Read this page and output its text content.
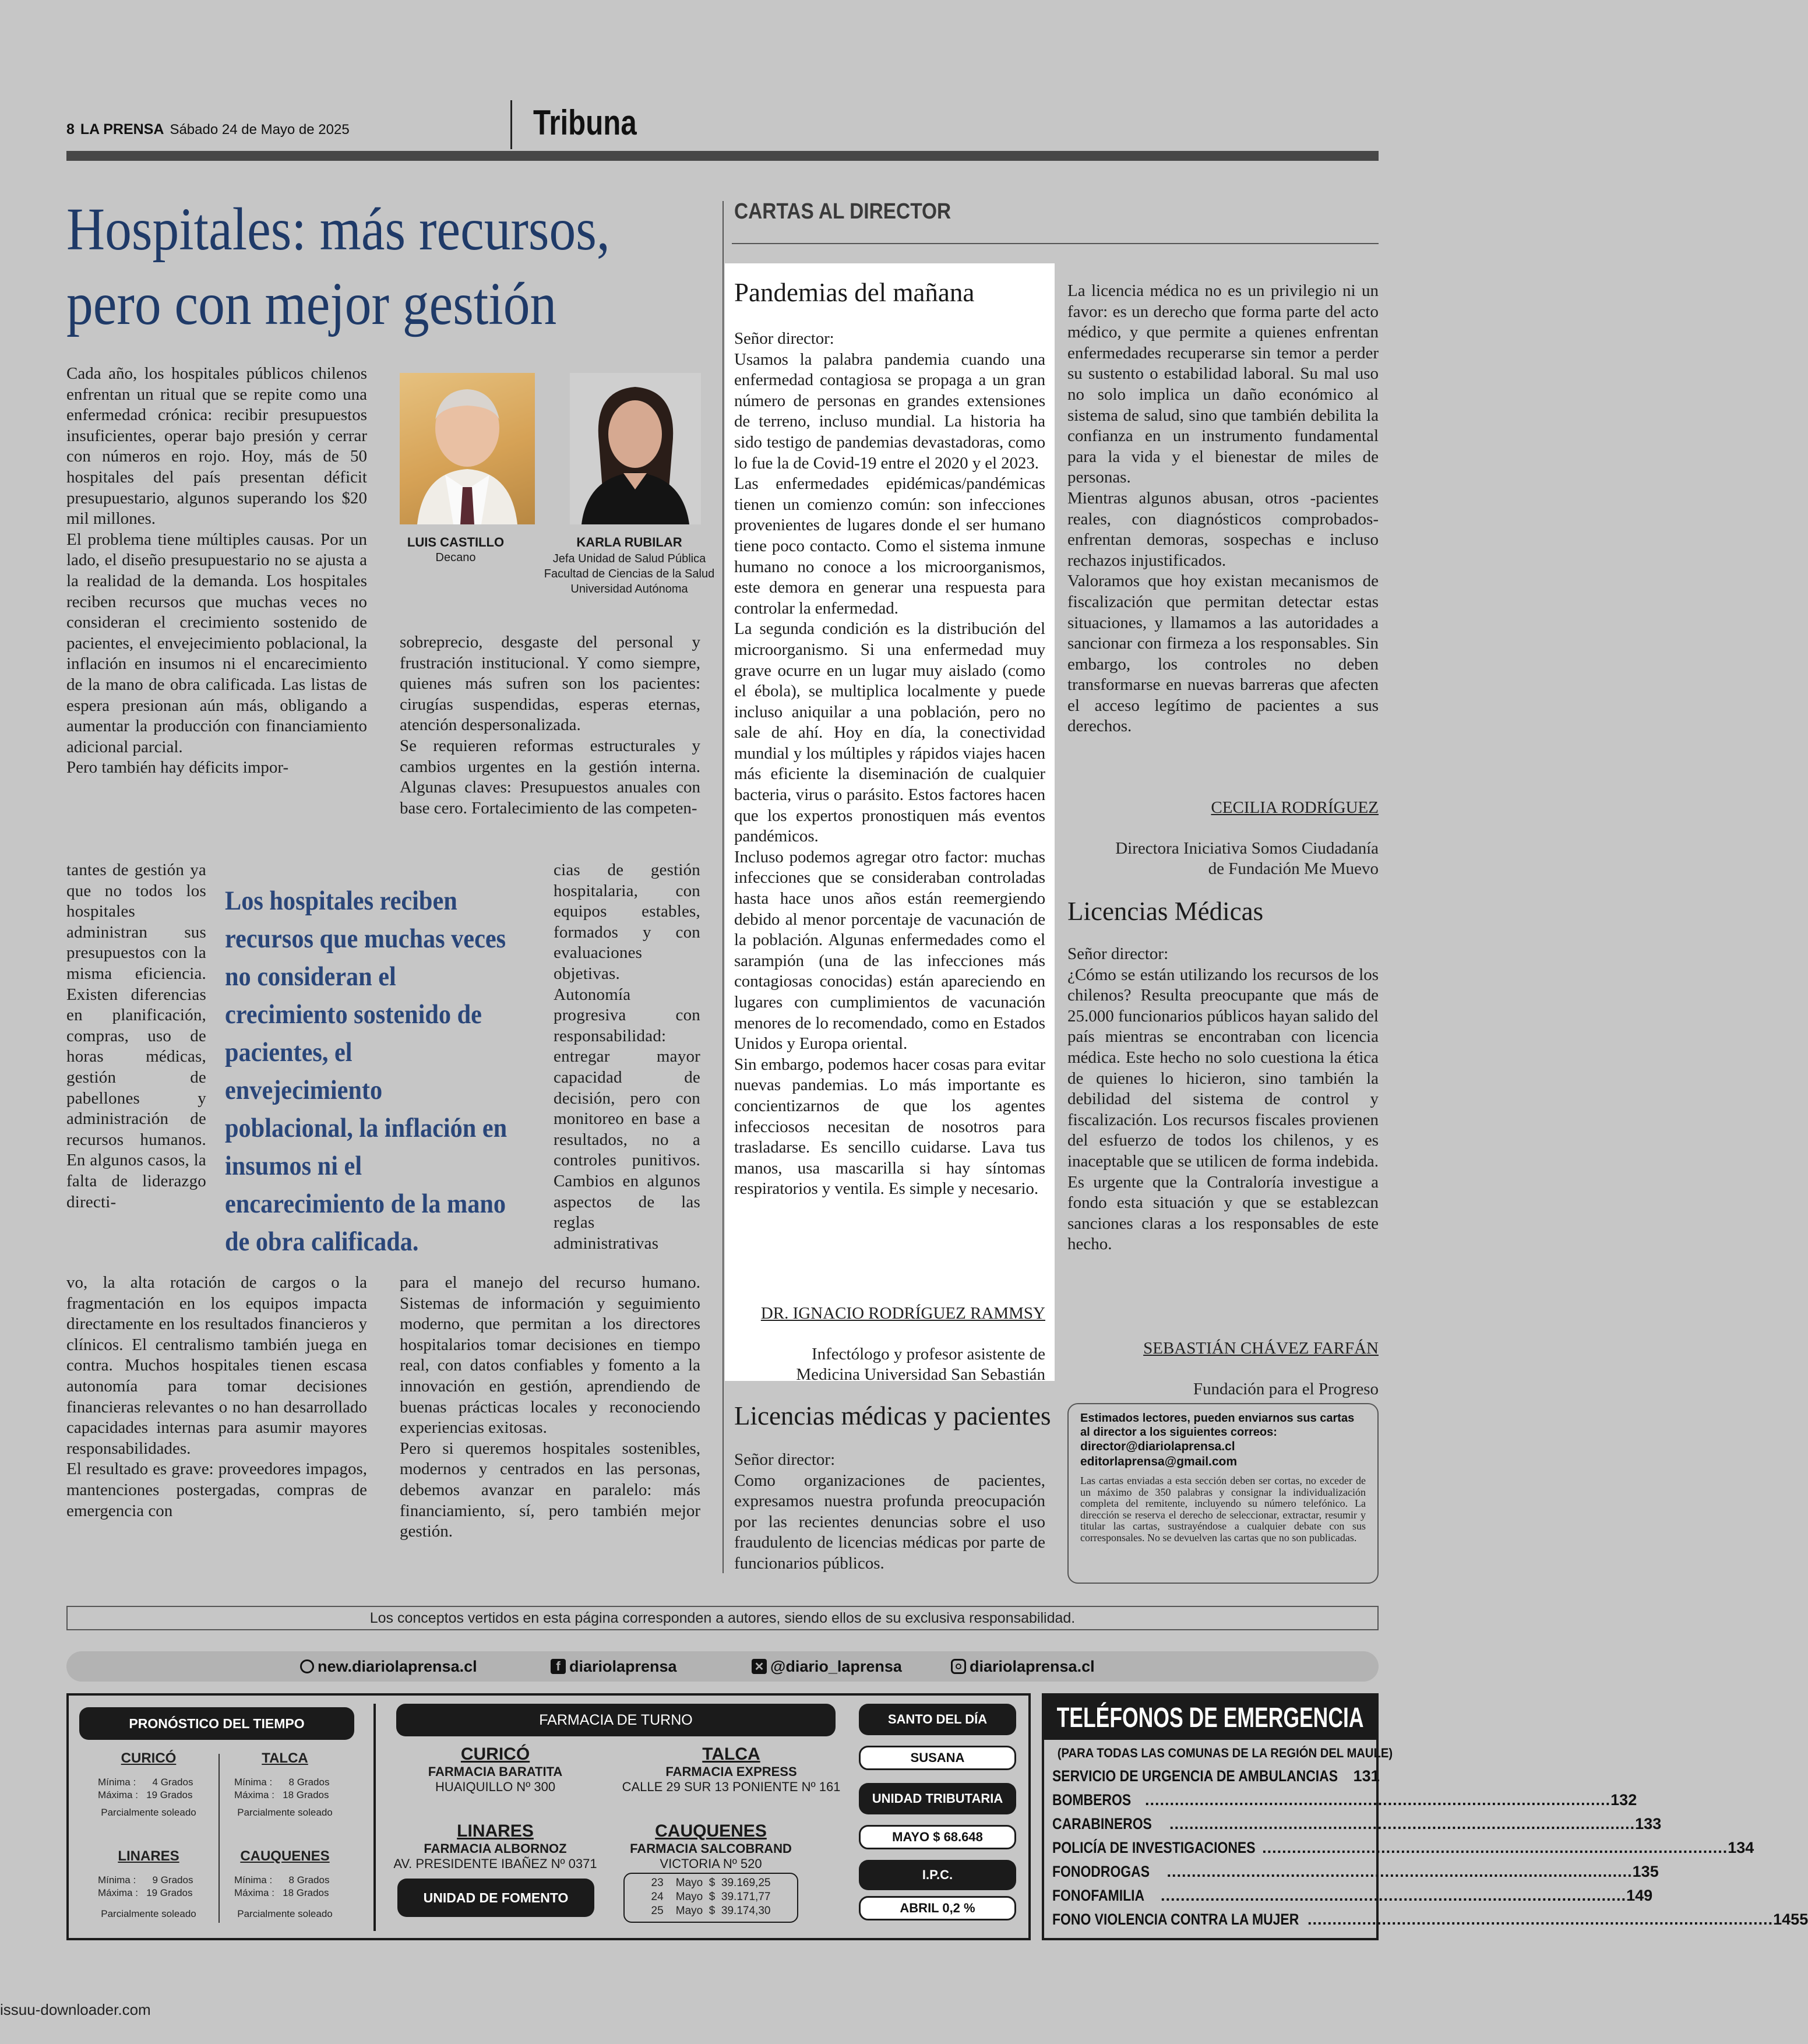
8 LA PRENSA Sábado 24 de Mayo de 2025	Tribuna
Hospitales: más recursos,
pero con mejor gestión
Cada año, los hospitales públicos chilenos enfrentan un ritual que se repite como una enfermedad crónica: recibir presupuestos insuficientes, operar bajo presión y cerrar con números en rojo. Hoy, más de 50 hospitales del país presentan déficit presupuestario, algunos superando los $20 mil millones.
El problema tiene múltiples causas. Por un lado, el diseño presupuestario no se ajusta a la realidad de la demanda. Los hospitales reciben recursos que muchas veces no consideran el crecimiento sostenido de pacientes, el envejecimiento poblacional, la inflación en insumos ni el encarecimiento de la mano de obra calificada. Las listas de espera presionan aún más, obligando a aumentar la producción con financiamiento adicional parcial.
Pero también hay déficits impor-
tantes de gestión ya que no todos los hospitales administran sus presupuestos con la misma eficiencia. Existen diferencias en planificación, compras, uso de horas médicas, gestión de pabellones y administración de recursos humanos. En algunos casos, la falta de liderazgo directi-
vo, la alta rotación de cargos o la fragmentación en los equipos impacta directamente en los resultados financieros y clínicos. El centralismo también juega en contra. Muchos hospitales tienen escasa autonomía para tomar decisiones financieras relevantes o no han desarrollado capacidades internas para asumir mayores responsabilidades.
El resultado es grave: proveedores impagos, mantenciones postergadas, compras de emergencia con
LUIS CASTILLO
Decano
KARLA RUBILAR
Jefa Unidad de Salud Pública
Facultad de Ciencias de la Salud
Universidad Autónoma
sobreprecio, desgaste del personal y frustración institucional. Y como siempre, quienes más sufren son los pacientes: cirugías suspendidas, esperas eternas, atención despersonalizada.
Se requieren reformas estructurales y cambios urgentes en la gestión interna. Algunas claves: Presupuestos anuales con base cero. Fortalecimiento de las competen-
cias de gestión hospitalaria, con equipos estables, formados y con evaluaciones objetivas. Autonomía progresiva con responsabilidad: entregar mayor capacidad de decisión, pero con monitoreo en base a resultados, no a controles punitivos. Cambios en algunos aspectos de las reglas administrativas
para el manejo del recurso humano. Sistemas de información y seguimiento moderno, que permitan a los directores hospitalarios tomar decisiones en tiempo real, con datos confiables y fomento a la innovación en gestión, aprendiendo de buenas prácticas locales y reconociendo experiencias exitosas.
Pero si queremos hospitales sostenibles, modernos y centrados en las personas, debemos avanzar en paralelo: más financiamiento, sí, pero también mejor gestión.
Los hospitales reciben recursos que muchas veces no consideran el crecimiento sostenido de pacientes, el envejecimiento poblacional, la inflación en insumos ni el encarecimiento de la mano de obra calificada.
CARTAS AL DIRECTOR
Pandemias del mañana
Señor director:
Usamos la palabra pandemia cuando una enfermedad contagiosa se propaga a un gran número de personas en grandes extensiones de terreno, incluso mundial. La historia ha sido testigo de pandemias devastadoras, como lo fue la de Covid-19 entre el 2020 y el 2023.
Las enfermedades epidémicas/pandémicas tienen un comienzo común: son infecciones provenientes de lugares donde el ser humano tiene poco contacto. Como el sistema inmune humano no conoce a los microorganismos, este demora en generar una respuesta para controlar la enfermedad.
La segunda condición es la distribución del microorganismo. Si una enfermedad muy grave ocurre en un lugar muy aislado (como el ébola), se multiplica localmente y puede incluso aniquilar a una población, pero no sale de ahí. Hoy en día, la conectividad mundial y los múltiples y rápidos viajes hacen más eficiente la diseminación de cualquier bacteria, virus o parásito. Estos factores hacen que los expertos pronostiquen más eventos pandémicos.
Incluso podemos agregar otro factor: muchas infecciones que se consideraban controladas hasta hace unos años están reemergiendo debido al menor porcentaje de vacunación de la población. Algunas enfermedades como el sarampión (una de las infecciones más contagiosas conocidas) están apareciendo en lugares con cumplimientos de vacunación menores de lo recomendado, como en Estados Unidos y Europa oriental.
Sin embargo, podemos hacer cosas para evitar nuevas pandemias. Lo más importante es concientizarnos de que los agentes infecciosos necesitan de nosotros para trasladarse. Es sencillo cuidarse. Lava tus manos, usa mascarilla si hay síntomas respiratorios y ventila. Es simple y necesario.

DR. IGNACIO RODRÍGUEZ RAMMSY

Infectólogo y profesor asistente de
Medicina Universidad San Sebastián

La licencia médica no es un privilegio ni un favor: es un derecho que forma parte del acto médico, y que permite a quienes enfrentan enfermedades recuperarse sin temor a perder su sustento o estabilidad laboral. Su mal uso no solo implica un daño económico al sistema de salud, sino que también debilita la confianza en un instrumento fundamental para la vida y el bienestar de miles de personas.
Mientras algunos abusan, otros -pacientes reales, con diagnósticos comprobados- enfrentan demoras, sospechas e incluso rechazos injustificados.
Valoramos que hoy existan mecanismos de fiscalización que permitan detectar estas situaciones, y llamamos a las autoridades a sancionar con firmeza a los responsables. Sin embargo, los controles no deben transformarse en nuevas barreras que afecten el acceso legítimo de pacientes a sus derechos.

CECILIA RODRÍGUEZ

Directora Iniciativa Somos Ciudadanía
de Fundación Me Muevo

Licencias Médicas
Señor director:
¿Cómo se están utilizando los recursos de los chilenos? Resulta preocupante que más de 25.000 funcionarios públicos hayan salido del país mientras se encontraban con licencia médica. Este hecho no solo cuestiona la ética de quienes lo hicieron, sino también la debilidad del sistema de control y fiscalización. Los recursos fiscales provienen del esfuerzo de todos los chilenos, y es inaceptable que se utilicen de forma indebida. Es urgente que la Contraloría investigue a fondo esta situación y que se establezcan sanciones claras a los responsables de este hecho.

SEBASTIÁN CHÁVEZ FARFÁN

Fundación para el Progreso

Licencias médicas y pacientes
Señor director:
Como organizaciones de pacientes, expresamos nuestra profunda preocupación por las recientes denuncias sobre el uso fraudulento de licencias médicas por parte de funcionarios públicos.
Estimados lectores, pueden enviarnos sus cartas al director a los siguientes correos:
director@diariolaprensa.cl
editorlaprensa@gmail.com
Las cartas enviadas a esta sección deben ser cortas, no exceder de un máximo de 350 palabras y consignar la individualización completa del remitente, incluyendo su número telefónico. La dirección se reserva el derecho de seleccionar, extractar, resumir y titular las cartas, sustrayéndose a cualquier debate con sus corresponsales. No se devuelven las cartas que no son publicadas.
Los conceptos vertidos en esta página corresponden a autores, siendo ellos de su exclusiva responsabilidad.
new.diariolaprensa.cl	f diariolaprensa	✕ @diario_laprensa	diariolaprensa.cl
PRONÓSTICO DEL TIEMPO
CURICÓ
Mínima :      4 Grados
Máxima :   19 Grados
Parcialmente soleado
TALCA
Mínima :      8 Grados
Máxima :   18 Grados
Parcialmente soleado
LINARES
Mínima :      9 Grados
Máxima :   19 Grados
Parcialmente soleado
CAUQUENES
Mínima :      8 Grados
Máxima :   18 Grados
Parcialmente soleado
FARMACIA DE TURNO
CURICÓ
FARMACIA BARATITA
HUAIQUILLO Nº 300
TALCA
FARMACIA EXPRESS
CALLE 29 SUR 13 PONIENTE Nº 161
LINARES
FARMACIA ALBORNOZ
AV. PRESIDENTE IBAÑEZ Nº 0371
CAUQUENES
FARMACIA SALCOBRAND
VICTORIA Nº 520
UNIDAD DE FOMENTO
23    Mayo  $  39.169,25
24    Mayo  $  39.171,77
25    Mayo  $  39.174,30
SANTO DEL DÍA
SUSANA
UNIDAD TRIBUTARIA
MAYO $ 68.648
I.P.C.
ABRIL 0,2 %
TELÉFONOS DE EMERGENCIA
(PARA TODAS LAS COMUNAS DE LA REGIÓN DEL MAULE)
SERVICIO DE URGENCIA DE AMBULANCIAS 131
BOMBEROS .............................................................................................. 132
CARABINEROS .............................................................................................. 133
POLICÍA DE INVESTIGACIONES .............................................................................................. 134
FONODROGAS .............................................................................................. 135
FONOFAMILIA .............................................................................................. 149
FONO VIOLENCIA CONTRA LA MUJER .............................................................................................. 1455
issuu-downloader.com
